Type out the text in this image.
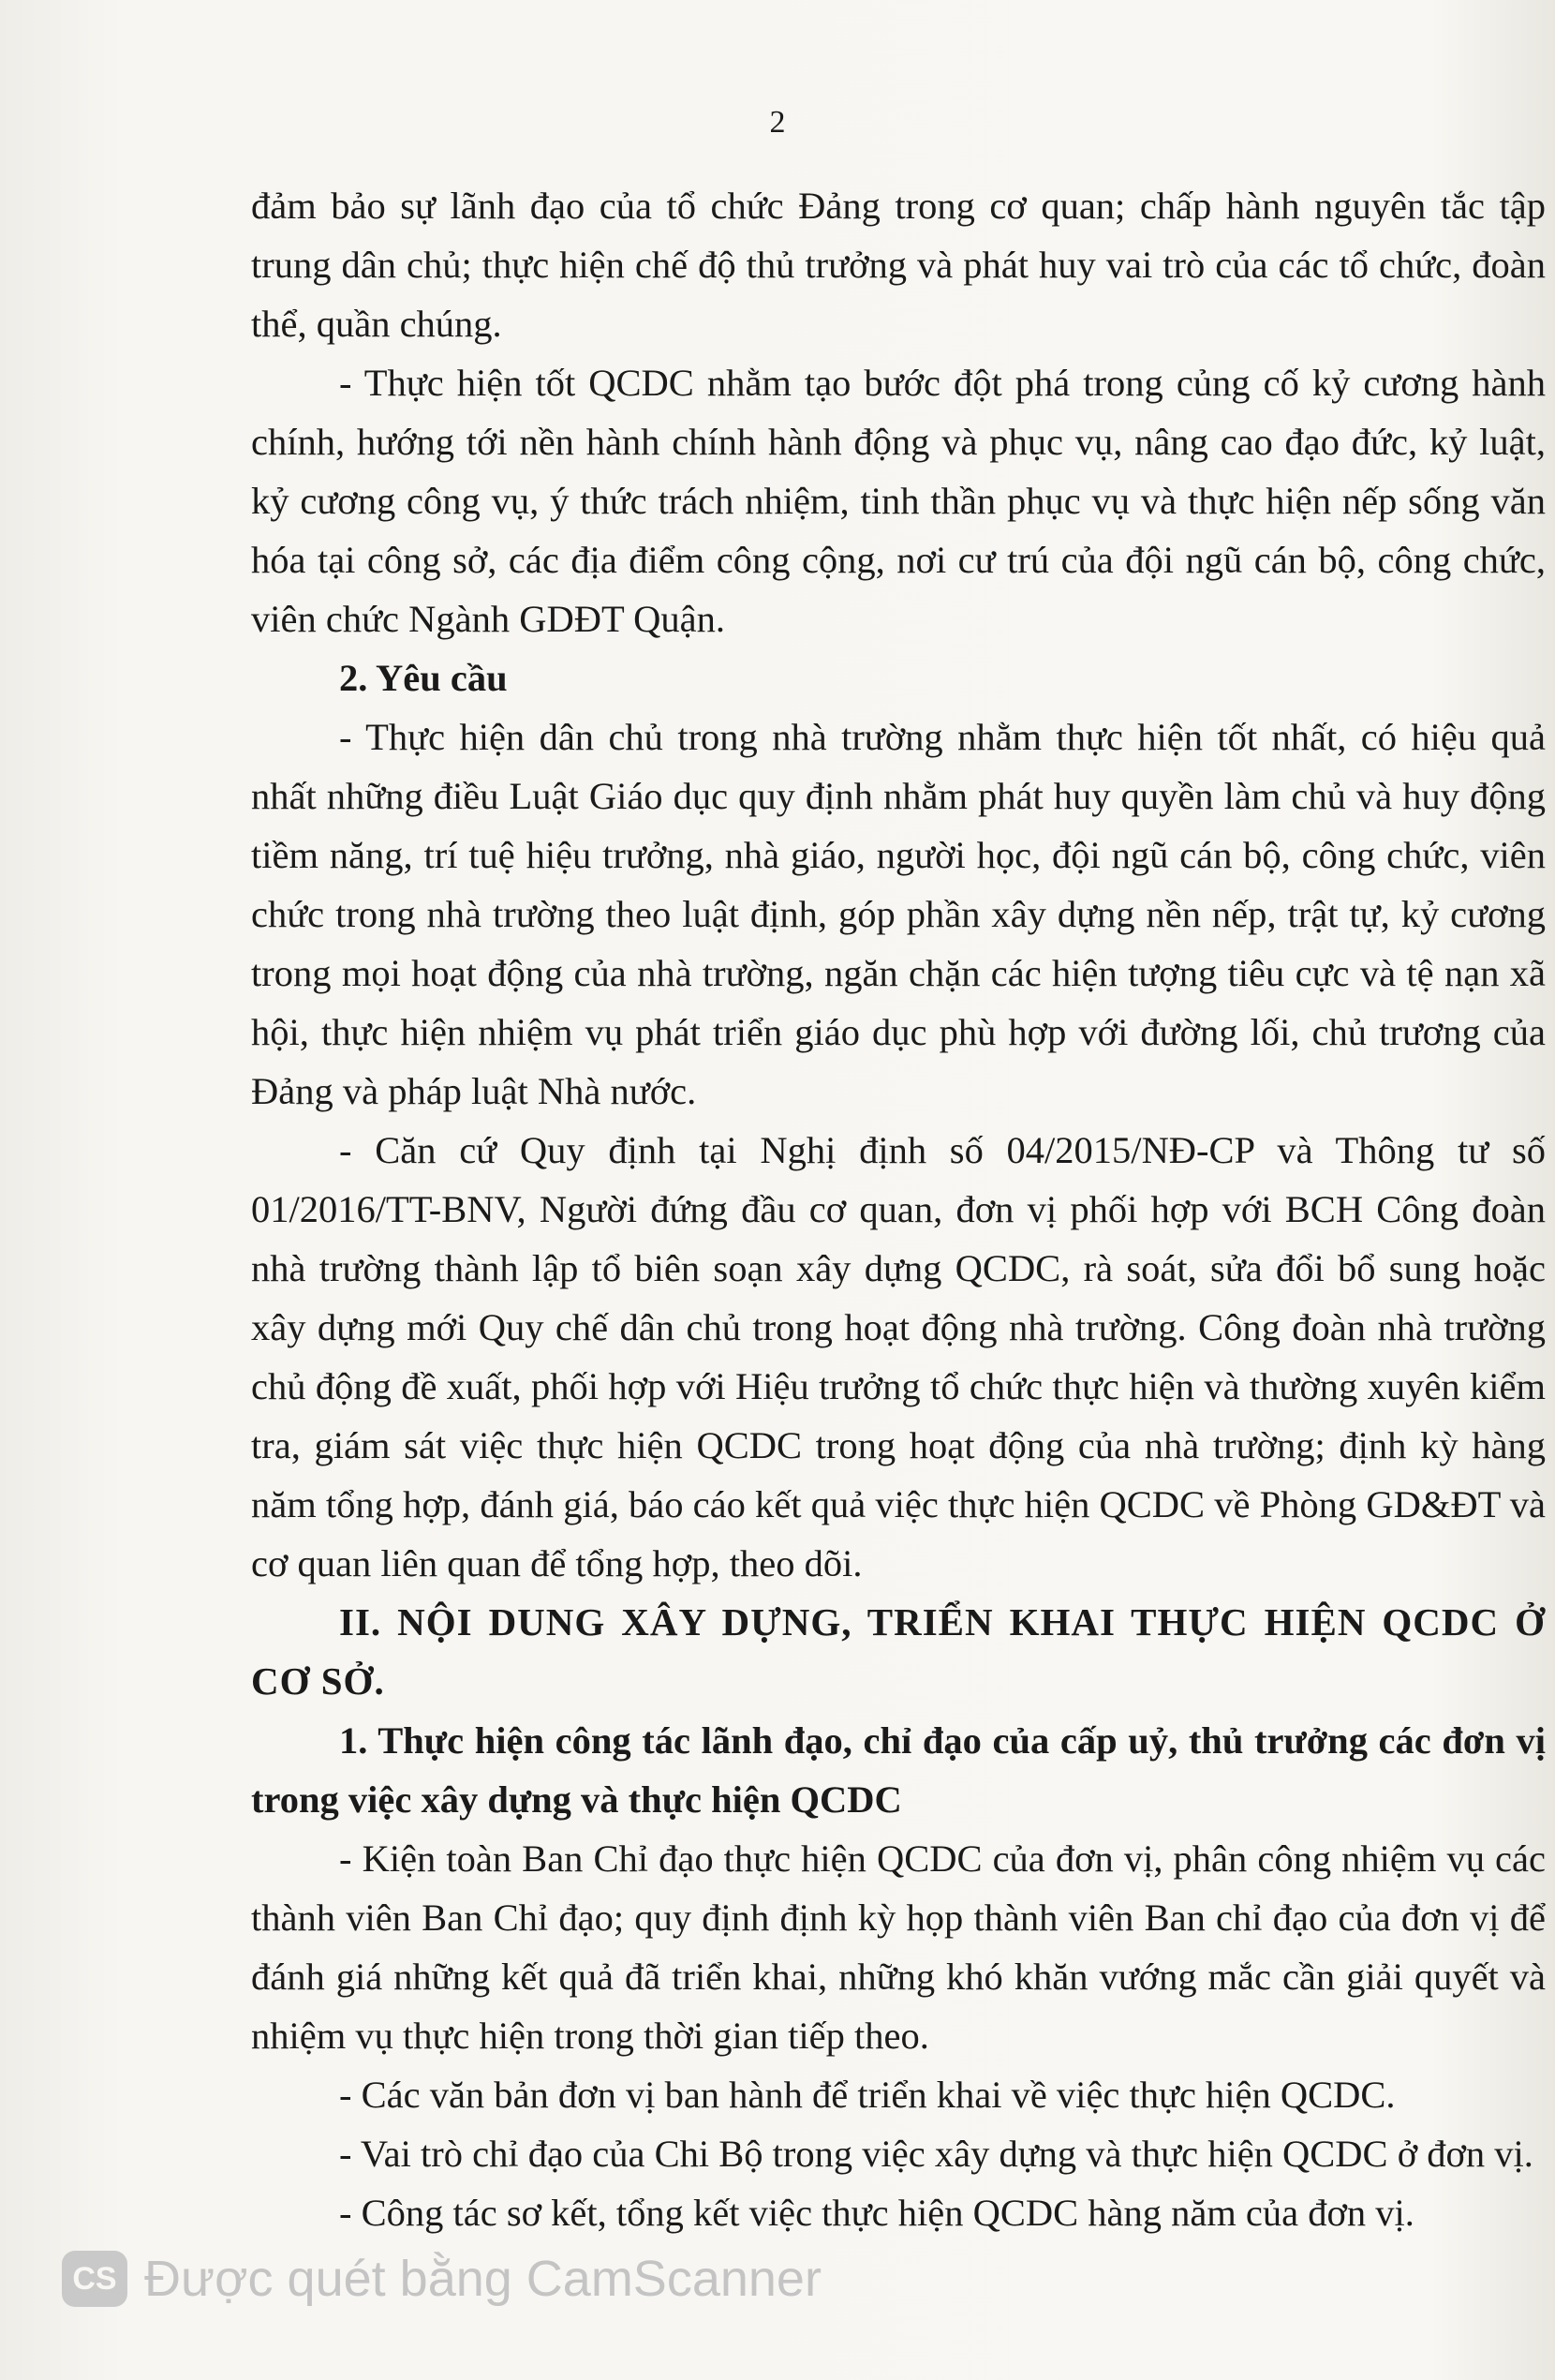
2

đảm bảo sự lãnh đạo của tổ chức Đảng trong cơ quan; chấp hành nguyên tắc tập trung dân chủ; thực hiện chế độ thủ trưởng và phát huy vai trò của các tổ chức, đoàn thể, quần chúng.

- Thực hiện tốt QCDC nhằm tạo bước đột phá trong củng cố kỷ cương hành chính, hướng tới nền hành chính hành động và phục vụ, nâng cao đạo đức, kỷ luật, kỷ cương công vụ, ý thức trách nhiệm, tinh thần phục vụ và thực hiện nếp sống văn hóa tại công sở, các địa điểm công cộng, nơi cư trú của đội ngũ cán bộ, công chức, viên chức Ngành GDĐT Quận.

2. Yêu cầu

- Thực hiện dân chủ trong nhà trường nhằm thực hiện tốt nhất, có hiệu quả nhất những điều Luật Giáo dục quy định nhằm phát huy quyền làm chủ và huy động tiềm năng, trí tuệ hiệu trưởng, nhà giáo, người học, đội ngũ cán bộ, công chức, viên chức trong nhà trường theo luật định, góp phần xây dựng nền nếp, trật tự, kỷ cương trong mọi hoạt động của nhà trường, ngăn chặn các hiện tượng tiêu cực và tệ nạn xã hội, thực hiện nhiệm vụ phát triển giáo dục phù hợp với đường lối, chủ trương của Đảng và pháp luật Nhà nước.

- Căn cứ Quy định tại Nghị định số 04/2015/NĐ-CP và Thông tư số 01/2016/TT-BNV, Người đứng đầu cơ quan, đơn vị phối hợp với BCH Công đoàn nhà trường thành lập tổ biên soạn xây dựng QCDC, rà soát, sửa đổi bổ sung hoặc xây dựng mới Quy chế dân chủ trong hoạt động nhà trường. Công đoàn nhà trường chủ động đề xuất, phối hợp với Hiệu trưởng tổ chức thực hiện và thường xuyên kiểm tra, giám sát việc thực hiện QCDC trong hoạt động của nhà trường; định kỳ hàng năm tổng hợp, đánh giá, báo cáo kết quả việc thực hiện QCDC về Phòng GD&ĐT và cơ quan liên quan để tổng hợp, theo dõi.

II. NỘI DUNG XÂY DỰNG, TRIỂN KHAI THỰC HIỆN QCDC Ở CƠ SỞ.

1. Thực hiện công tác lãnh đạo, chỉ đạo của cấp uỷ, thủ trưởng các đơn vị trong việc xây dựng và thực hiện QCDC

- Kiện toàn Ban Chỉ đạo thực hiện QCDC của đơn vị, phân công nhiệm vụ các thành viên Ban Chỉ đạo; quy định định kỳ họp thành viên Ban chỉ đạo của đơn vị để đánh giá những kết quả đã triển khai, những khó khăn vướng mắc cần giải quyết và nhiệm vụ thực hiện trong thời gian tiếp theo.

- Các văn bản đơn vị ban hành để triển khai về việc thực hiện QCDC.

- Vai trò chỉ đạo của Chi Bộ trong việc xây dựng và thực hiện QCDC ở đơn vị.

- Công tác sơ kết, tổng kết việc thực hiện QCDC hàng năm của đơn vị.

CS Được quét bằng CamScanner
